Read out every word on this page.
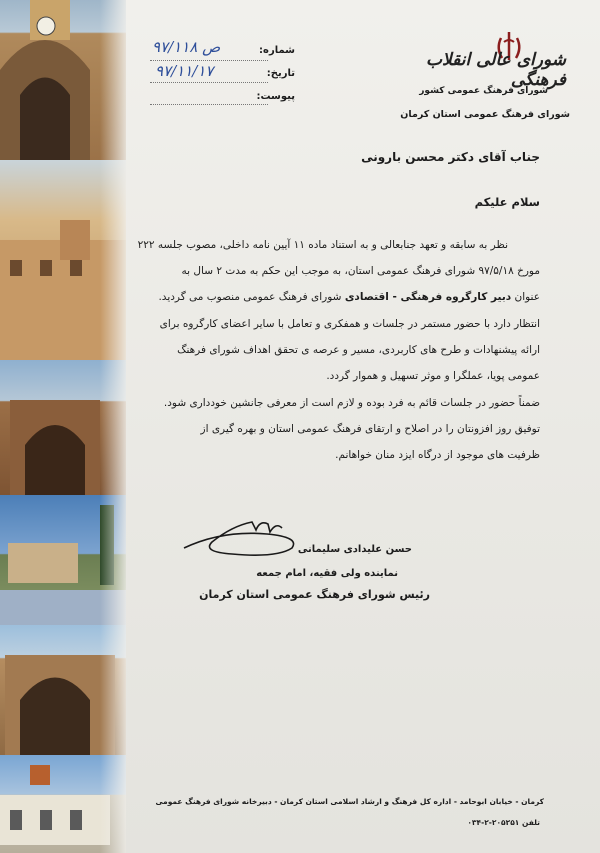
شورای عالی انقلاب فرهنگی
شورای فرهنگ عمومی کشور
شورای فرهنگ عمومی استان کرمان
شماره:
۹۷/۱۱۸ ص
تاریخ:
۹۷/۱۱/۱۷
پیوست:
جناب آقای دکتر محسن بارونی
سلام علیکم
نظر به سابقه و تعهد جنابعالی و به استناد ماده ۱۱ آیین نامه داخلی، مصوب جلسه ۲۲۲
مورخ ۹۷/۵/۱۸ شورای فرهنگ عمومی استان، به موجب این حکم به مدت ۲ سال به
عنوان دبیر کارگروه فرهنگی - اقتصادی شورای فرهنگ عمومی منصوب می گردید.
انتظار دارد با حضور مستمر در جلسات و همفکری و تعامل با سایر اعضای کارگروه برای
ارائه پیشنهادات و طرح های کاربردی، مسیر و عرصه ی تحقق اهداف شورای فرهنگ
عمومی پویا، عملگرا و موثر تسهیل و هموار گردد.
ضمناً حضور در جلسات قائم به فرد بوده و لازم است از معرفی جانشین خودداری شود.
توفیق روز افزونتان را در اصلاح و ارتقای فرهنگ عمومی استان و بهره گیری از
ظرفیت های موجود از درگاه ایزد منان خواهانم.
حسن علیدادی سلیمانی
نماینده ولی فقیه، امام جمعه
رئیس شورای فرهنگ عمومی استان کرمان
کرمان - خیابان ابوحامد - اداره کل فرهنگ و ارشاد اسلامی استان کرمان - دبیرخانه شورای فرهنگ عمومی
تلفن ۲۰۵۲۵۱-۲-۰۳۴
